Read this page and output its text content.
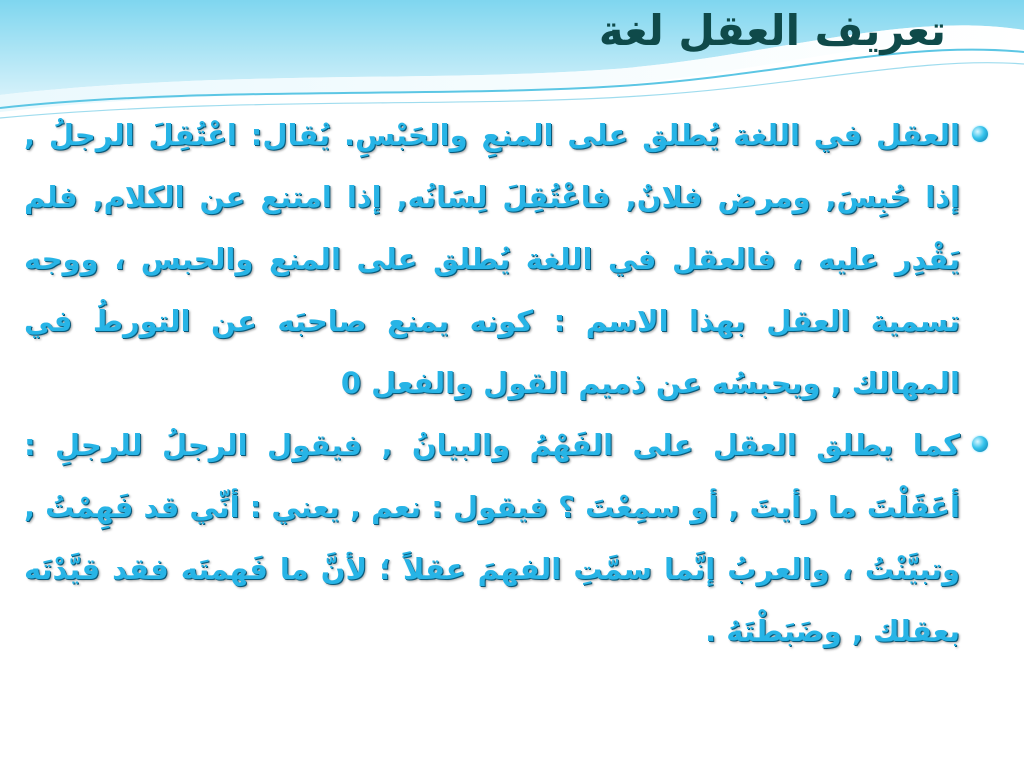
تعريف العقل لغة

العقل في اللغة يُطلق على المنعِ والحَبْسِ. يُقال: اعْتُقِلَ الرجلُ , إذا حُبِسَ, ومرض فلانٌ, فاعْتُقِلَ لِسَانُه, إذا امتنع عن الكلام, فلم يَقْدِر عليه ، فالعقل في اللغة يُطلق على المنع والحبس ، ووجه تسمية العقل بهذا الاسم : كونه يمنع صاحبَه عن التورطُ في المهالك , ويحبسُه عن ذميم القول والفعل 0

كما يطلق العقل على الفَهْمُ والبيانُ , فيقول الرجلُ للرجلِ : أعَقَلْتَ ما رأيتَ , أو سمِعْتَ ؟ فيقول : نعم , يعني : أنِّي قد فَهِمْتُ , وتبيَّنْتُ ، والعربُ إنَّما سمَّتِ الفهمَ عقلاً ؛ لأنَّ ما فَهمتَه فقد قيَّدْتَه بعقلك , وضَبَطْتَهُ .
